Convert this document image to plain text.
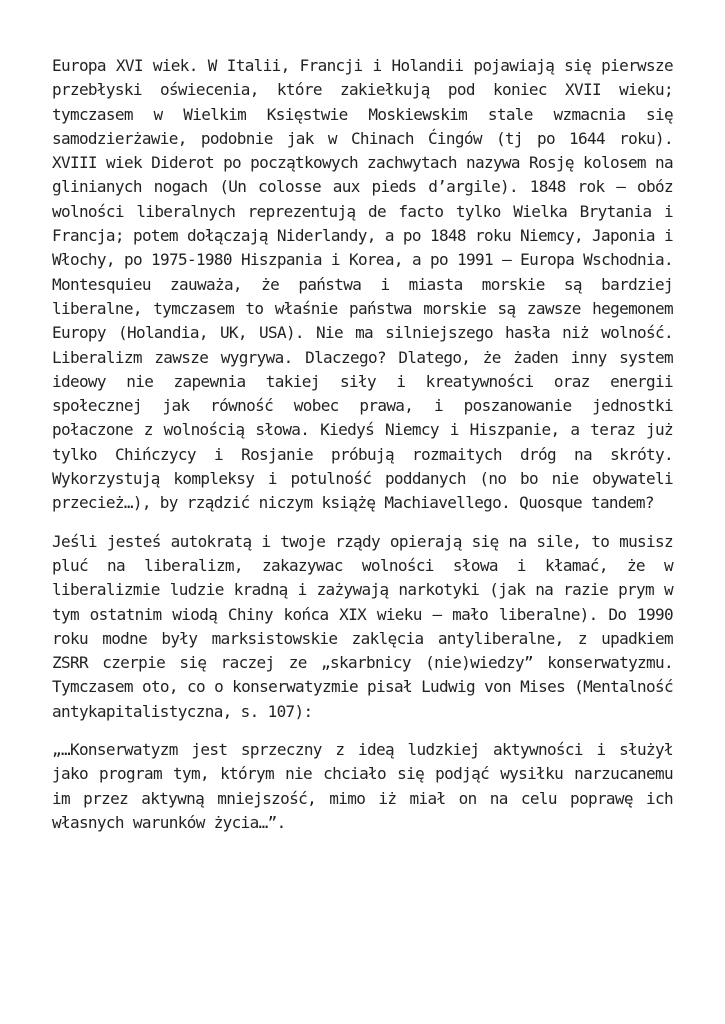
Europa XVI wiek. W Italii, Francji i Holandii pojawiają się pierwsze przebłyski oświecenia, które zakiełkują pod koniec XVII wieku; tymczasem w Wielkim Księstwie Moskiewskim stale wzmacnia się samodzierżawie, podobnie jak w Chinach Ćingów (tj po 1644 roku). XVIII wiek Diderot po początkowych zachwytach nazywa Rosję kolosem na glinianych nogach (Un colosse aux pieds d’argile). 1848 rok – obóz wolności liberalnych reprezentują de facto tylko Wielka Brytania i Francja; potem dołączają Niderlandy, a po 1848 roku Niemcy, Japonia i Włochy, po 1975-1980 Hiszpania i Korea, a po 1991 – Europa Wschodnia. Montesquieu zauważa, że państwa i miasta morskie są bardziej liberalne, tymczasem to właśnie państwa morskie są zawsze hegemonem Europy (Holandia, UK, USA). Nie ma silniejszego hasła niż wolność. Liberalizm zawsze wygrywa. Dlaczego? Dlatego, że żaden inny system ideowy nie zapewnia takiej siły i kreatywności oraz energii społecznej jak równość wobec prawa, i poszanowanie jednostki połaczone z wolnością słowa. Kiedyś Niemcy i Hiszpanie, a teraz już tylko Chińczycy i Rosjanie próbują rozmaitych dróg na skróty. Wykorzystują kompleksy i potulność poddanych (no bo nie obywateli przecież…), by rządzić niczym książę Machiavellego. Quosque tandem?

Jeśli jesteś autokratą i twoje rządy opierają się na sile, to musisz pluć na liberalizm, zakazywac wolności słowa i kłamać, że w liberalizmie ludzie kradną i zażywają narkotyki (jak na razie prym w tym ostatnim wiodą Chiny końca XIX wieku – mało liberalne). Do 1990 roku modne były marksistowskie zaklęcia antyliberalne, z upadkiem ZSRR czerpie się raczej ze „skarbnicy (nie)wiedzy” konserwatyzmu. Tymczasem oto, co o konserwatyzmie pisał Ludwig von Mises (Mentalność antykapitalistyczna, s. 107):

„…Konserwatyzm jest sprzeczny z ideą ludzkiej aktywności i służył jako program tym, którym nie chciało się podjąć wysiłku narzucanemu im przez aktywną mniejszość, mimo iż miał on na celu poprawę ich własnych warunków życia…”.
